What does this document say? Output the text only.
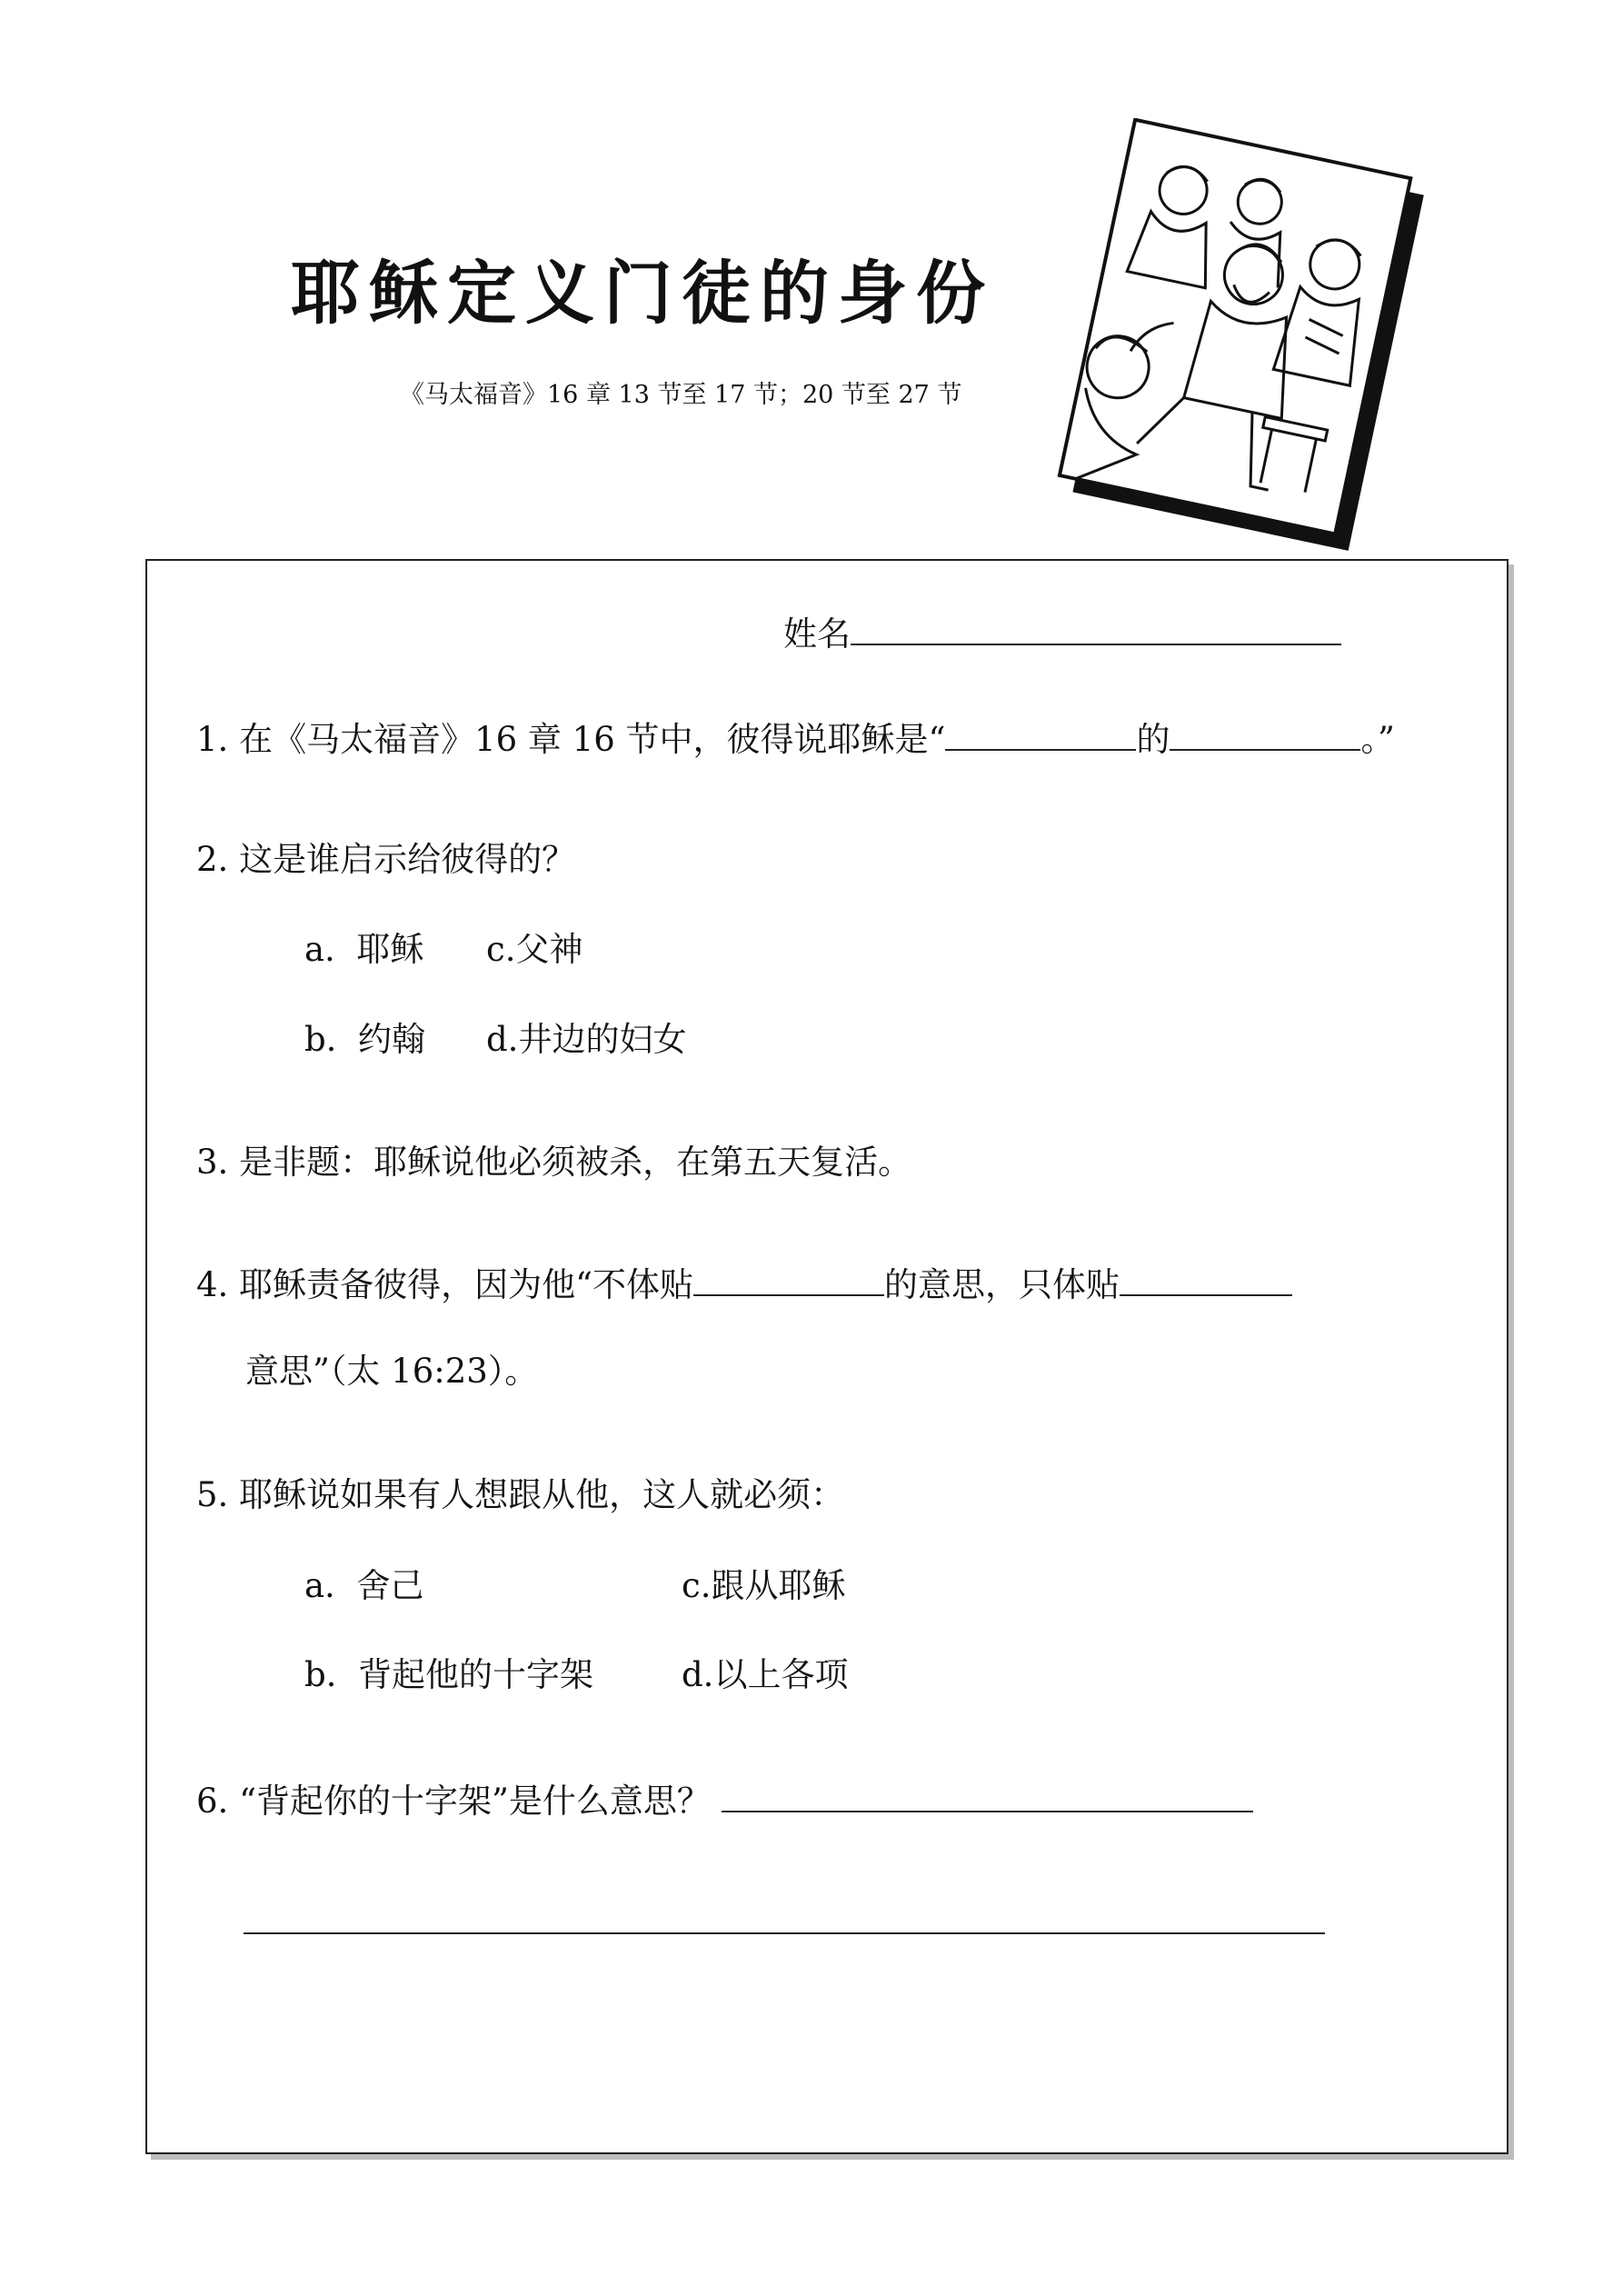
耶稣定义门徒的身份
《马太福音》16 章 13 节至 17 节；20 节至 27 节
姓名
1. 在《马太福音》16 章 16 节中，彼得说耶稣是“	的	。”
2. 这是谁启示给彼得的？
a. 耶稣 c.父神
b. 约翰 d.井边的妇女
3. 是非题：耶稣说他必须被杀，在第五天复活。
4. 耶稣责备彼得，因为他“不体贴	的意思，只体贴
意思”（太 16:23）。
5. 耶稣说如果有人想跟从他，这人就必须：
a. 舍己	c.跟从耶稣
b. 背起他的十字架	d.以上各项
6. “背起你的十字架”是什么意思？
